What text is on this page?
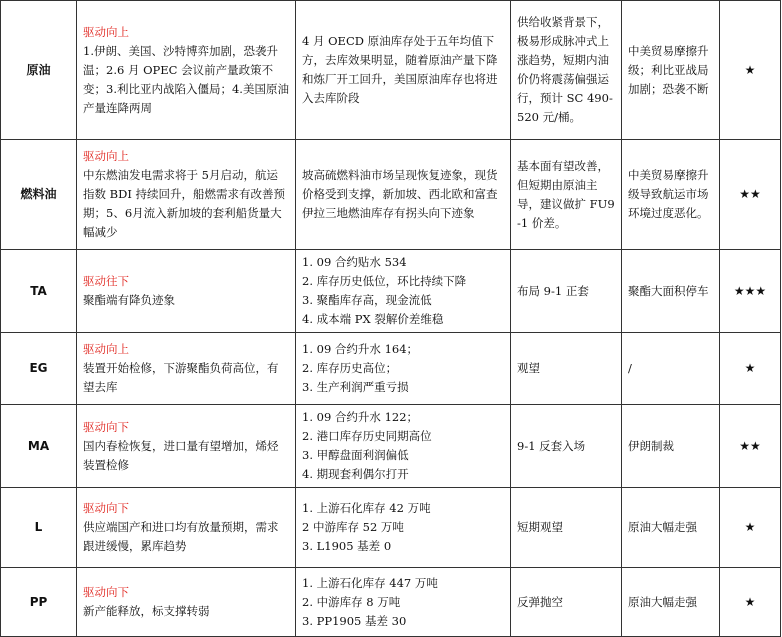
原油	驱动向上
1.伊朗、美国、沙特博弈加剧，恐袭升温；2.6 月 OPEC 会议前产量政策不变；3.利比亚内战陷入僵局；4.美国原油产量连降两周	4 月 OECD 原油库存处于五年均值下方，去库效果明显，随着原油产量下降和炼厂开工回升，美国原油库存也将进入去库阶段	供给收紧背景下，极易形成脉冲式上涨趋势，短期内油价仍将震荡偏强运行，预计 SC 490-520 元/桶。	中美贸易摩擦升级；利比亚战局加剧；恐袭不断	★
燃料油	驱动向上
中东燃油发电需求将于 5月启动，航运指数 BDI 持续回升，船燃需求有改善预期；5、6月流入新加坡的套利船货量大幅减少	坡高硫燃料油市场呈现恢复迹象，现货价格受到支撑，新加坡、西北欧和富查伊拉三地燃油库存有拐头向下迹象	基本面有望改善，但短期由原油主导，建议做扩 FU9-1 价差。	中美贸易摩擦升级导致航运市场环境过度恶化。	★★
TA	驱动往下
聚酯端有降负迹象	1. 09 合约贴水 534
2. 库存历史低位，环比持续下降
3. 聚酯库存高，现金流低
4. 成本端 PX 裂解价差维稳	布局 9-1 正套	聚酯大面积停车	★★★
EG	驱动向上
装置开始检修，下游聚酯负荷高位，有望去库	1. 09 合约升水 164；
2. 库存历史高位；
3. 生产利润严重亏损	观望	/	★
MA	驱动向下
国内春检恢复，进口量有望增加，烯烃装置检修	1. 09 合约升水 122；
2. 港口库存历史同期高位
3. 甲醇盘面利润偏低
4. 期现套利偶尔打开	9-1 反套入场	伊朗制裁	★★
L	驱动向下
供应端国产和进口均有放量预期，需求跟进缓慢，累库趋势	1. 上游石化库存 42 万吨
2 中游库存 52 万吨
3. L1905 基差 0	短期观望	原油大幅走强	★
PP	驱动向下
新产能释放，标支撑转弱	1. 上游石化库存 447 万吨
2. 中游库存 8 万吨
3. PP1905 基差 30	反弹抛空	原油大幅走强	★
